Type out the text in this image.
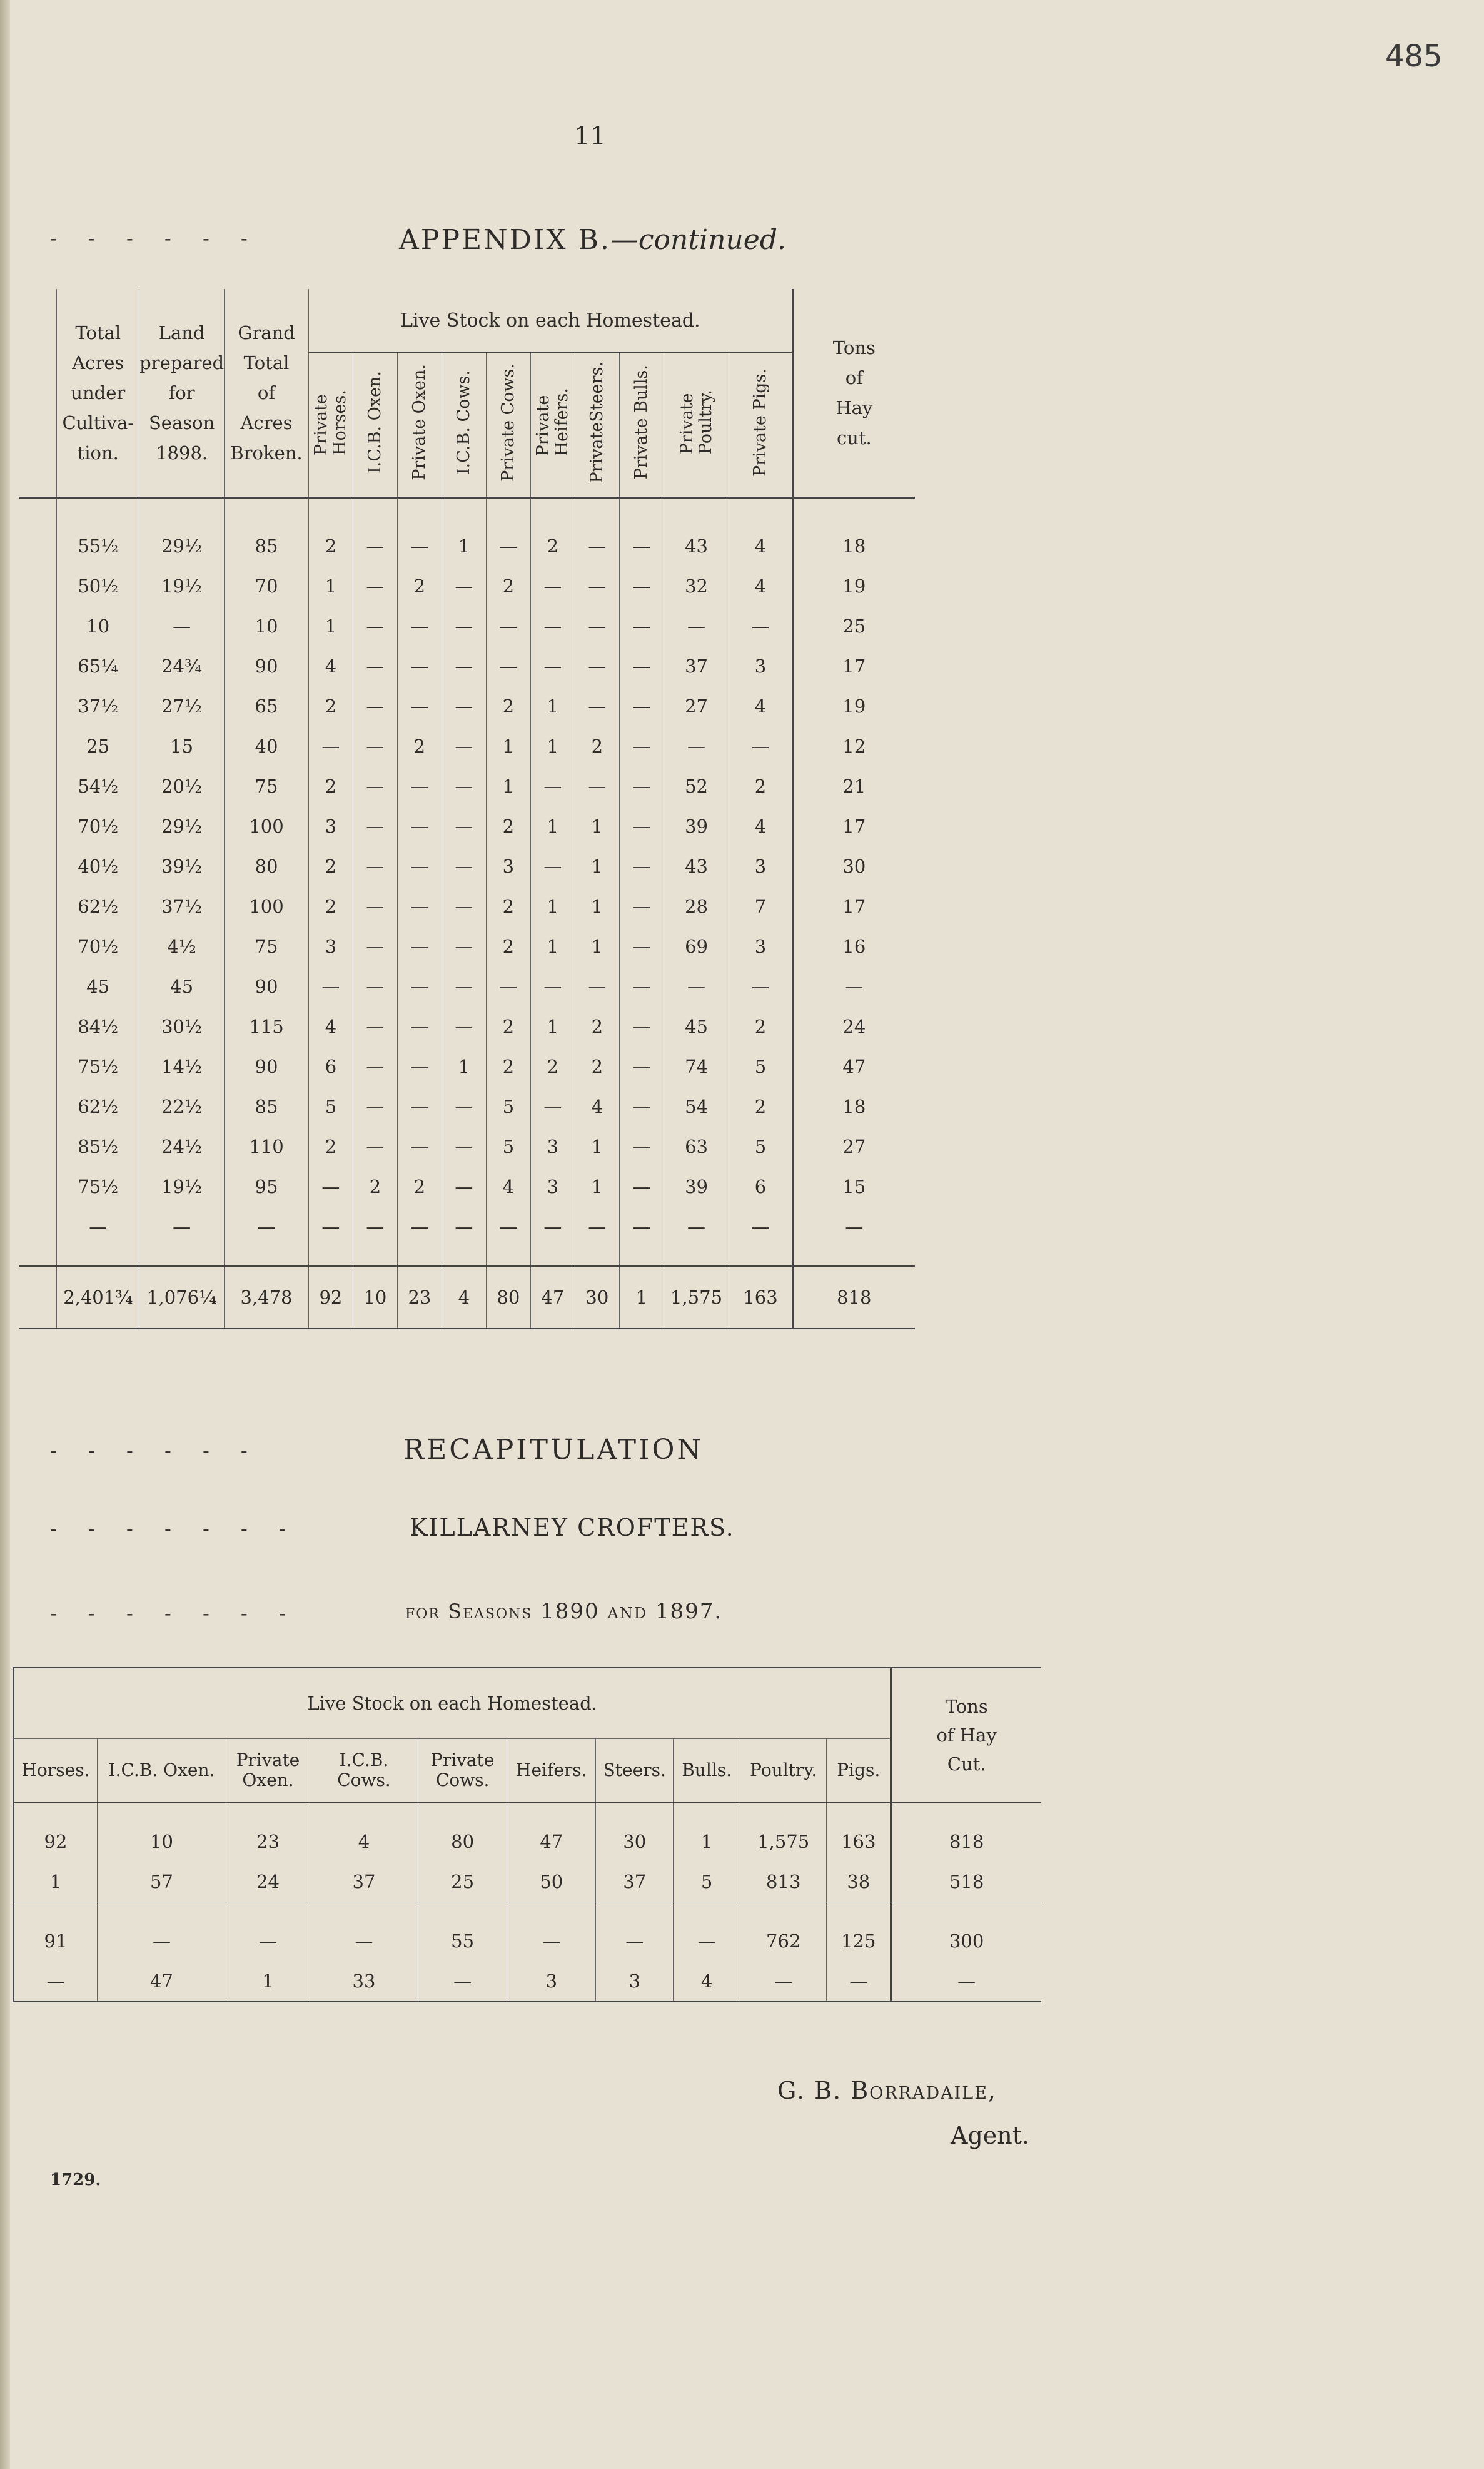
485
11
- - - - - -	APPENDIX B.—continued.
	Total
Acres
under
Cultiva-
tion.	Land
prepared
for
Season
1898.	Grand
Total
of
Acres
Broken.	Live Stock on each Homestead.										Tons
of
Hay
cut.
				Private
Horses.	I.C.B. Oxen.	Private Oxen.	I.C.B. Cows.	Private Cows.	Private
Heifers.	PrivateSteers.	Private Bulls.	Private
Poultry.	Private Pigs.	
	55½	29½	85	2	—	—	1	—	2	—	—	43	4	18
	50½	19½	70	1	—	2	—	2	—	—	—	32	4	19
	10	—	10	1	—	—	—	—	—	—	—	—	—	25
	65¼	24¾	90	4	—	—	—	—	—	—	—	37	3	17
	37½	27½	65	2	—	—	—	2	1	—	—	27	4	19
	25	15	40	—	—	2	—	1	1	2	—	—	—	12
	54½	20½	75	2	—	—	—	1	—	—	—	52	2	21
	70½	29½	100	3	—	—	—	2	1	1	—	39	4	17
	40½	39½	80	2	—	—	—	3	—	1	—	43	3	30
	62½	37½	100	2	—	—	—	2	1	1	—	28	7	17
	70½	4½	75	3	—	—	—	2	1	1	—	69	3	16
	45	45	90	—	—	—	—	—	—	—	—	—	—	—
	84½	30½	115	4	—	—	—	2	1	2	—	45	2	24
	75½	14½	90	6	—	—	1	2	2	2	—	74	5	47
	62½	22½	85	5	—	—	—	5	—	4	—	54	2	18
	85½	24½	110	2	—	—	—	5	3	1	—	63	5	27
	75½	19½	95	—	2	2	—	4	3	1	—	39	6	15
	—	—	—	—	—	—	—	—	—	—	—	—	—	—

	2,401¾	1,076¼	3,478	92	10	23	4	80	47	30	1	1,575	163	818
- - - - - -	RECAPITULATION
- - - - - - -	KILLARNEY CROFTERS.
- - - - - - -	for Seasons 1890 and 1897.
Live Stock on each Homestead.										Tons
of Hay
Cut.
Horses.	I.C.B. Oxen.	Private
Oxen.	I.C.B. Cows.	Private
Cows.	Heifers.	Steers.	Bulls.	Poultry.	Pigs.	

92	10	23	4	80	47	30	1	1,575	163	818
1	57	24	37	25	50	37	5	813	38	518

91	—	—	—	55	—	—	—	762	125	300
—	47	1	33	—	3	3	4	—	—	—
G. B. Borradaile,
Agent.
1729.
